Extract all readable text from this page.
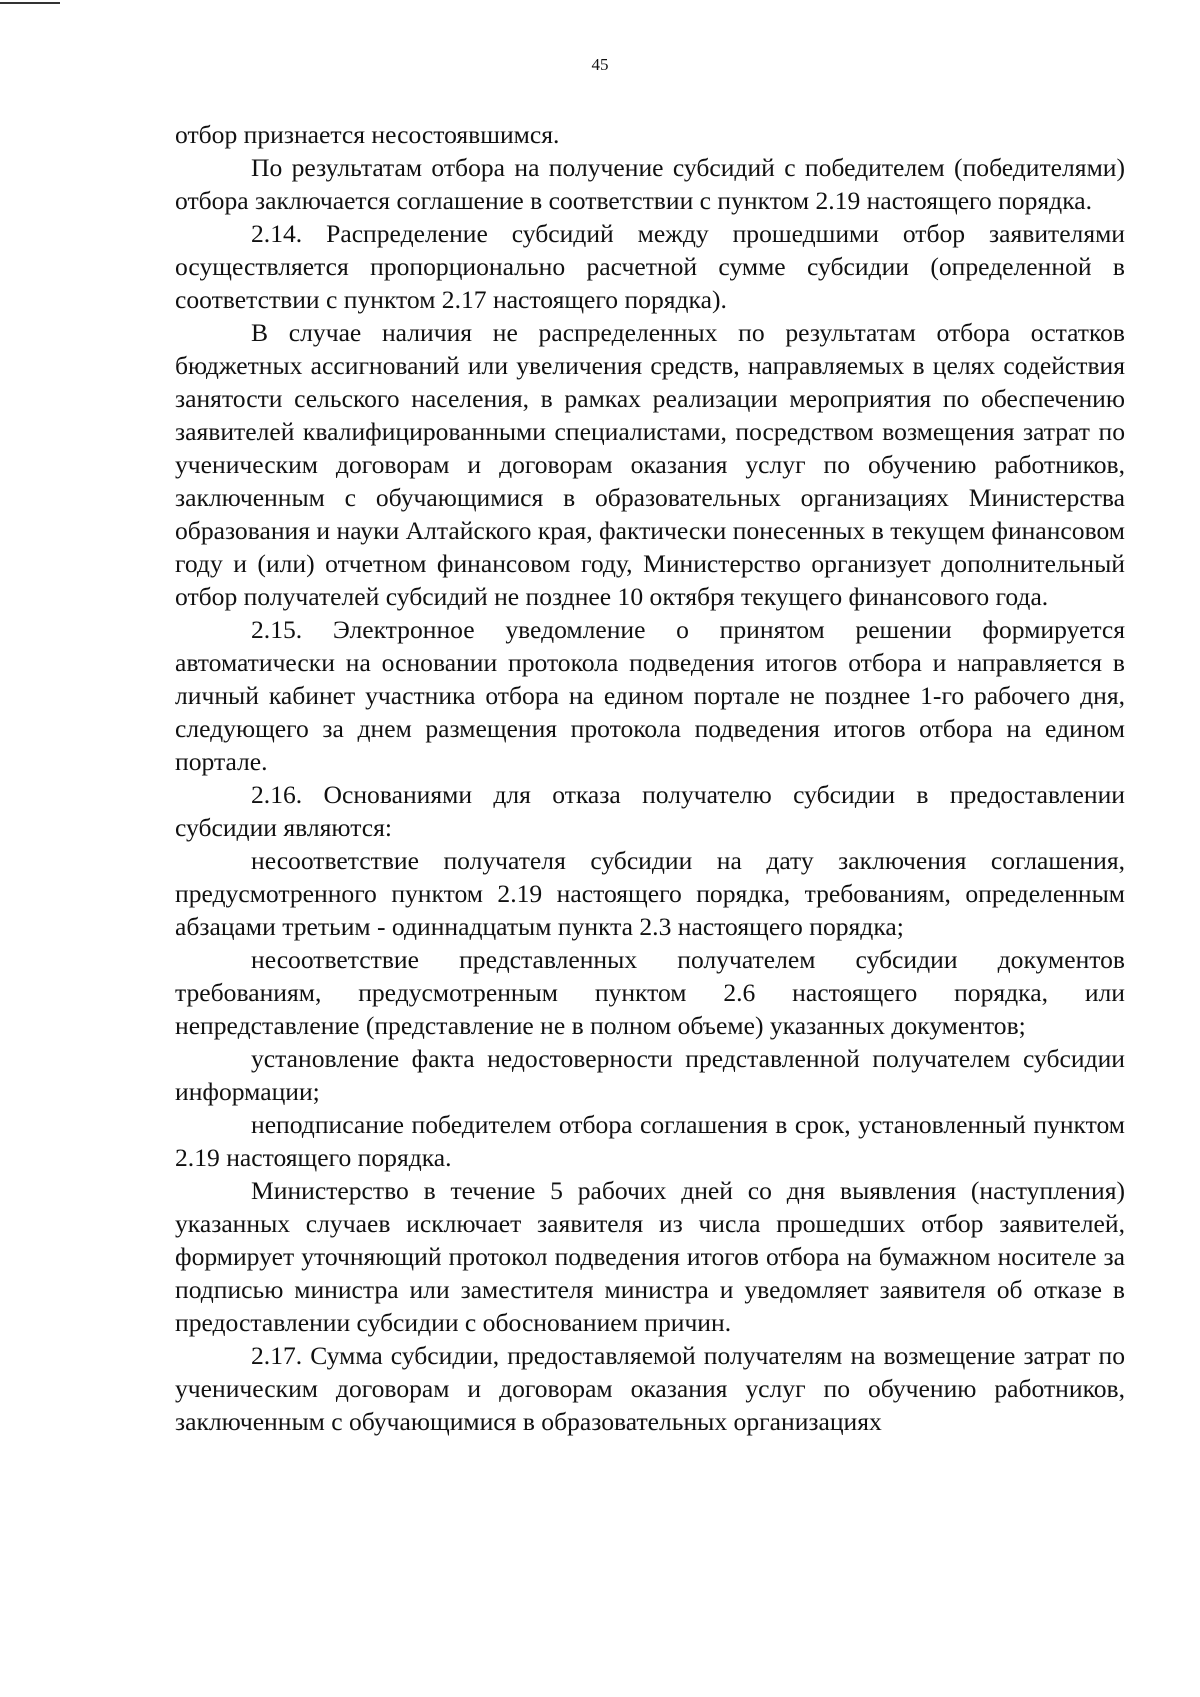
45

отбор признается несостоявшимся.

По результатам отбора на получение субсидий с победителем (победителями) отбора заключается соглашение в соответствии с пунктом 2.19 настоящего порядка.

2.14. Распределение субсидий между прошедшими отбор заявителями осуществляется пропорционально расчетной сумме субсидии (определенной в соответствии с пунктом 2.17 настоящего порядка).

В случае наличия не распределенных по результатам отбора остатков бюджетных ассигнований или увеличения средств, направляемых в целях содействия занятости сельского населения, в рамках реализации мероприятия по обеспечению заявителей квалифицированными специалистами, посредством возмещения затрат по ученическим договорам и договорам оказания услуг по обучению работников, заключенным с обучающимися в образовательных организациях Министерства образования и науки Алтайского края, фактически понесенных в текущем финансовом году и (или) отчетном финансовом году, Министерство организует дополнительный отбор получателей субсидий не позднее 10 октября текущего финансового года.

2.15. Электронное уведомление о принятом решении формируется автоматически на основании протокола подведения итогов отбора и направляется в личный кабинет участника отбора на едином портале не позднее 1-го рабочего дня, следующего за днем размещения протокола подведения итогов отбора на едином портале.

2.16. Основаниями для отказа получателю субсидии в предоставлении субсидии являются:

несоответствие получателя субсидии на дату заключения соглашения, предусмотренного пунктом 2.19 настоящего порядка, требованиям, определенным абзацами третьим - одиннадцатым пункта 2.3 настоящего порядка;

несоответствие представленных получателем субсидии документов требованиям, предусмотренным пунктом 2.6 настоящего порядка, или непредставление (представление не в полном объеме) указанных документов;

установление факта недостоверности представленной получателем субсидии информации;

неподписание победителем отбора соглашения в срок, установленный пунктом 2.19 настоящего порядка.

Министерство в течение 5 рабочих дней со дня выявления (наступления) указанных случаев исключает заявителя из числа прошедших отбор заявителей, формирует уточняющий протокол подведения итогов отбора на бумажном носителе за подписью министра или заместителя министра и уведомляет заявителя об отказе в предоставлении субсидии с обоснованием причин.

2.17. Сумма субсидии, предоставляемой получателям на возмещение затрат по ученическим договорам и договорам оказания услуг по обучению работников, заключенным с обучающимися в образовательных организациях
